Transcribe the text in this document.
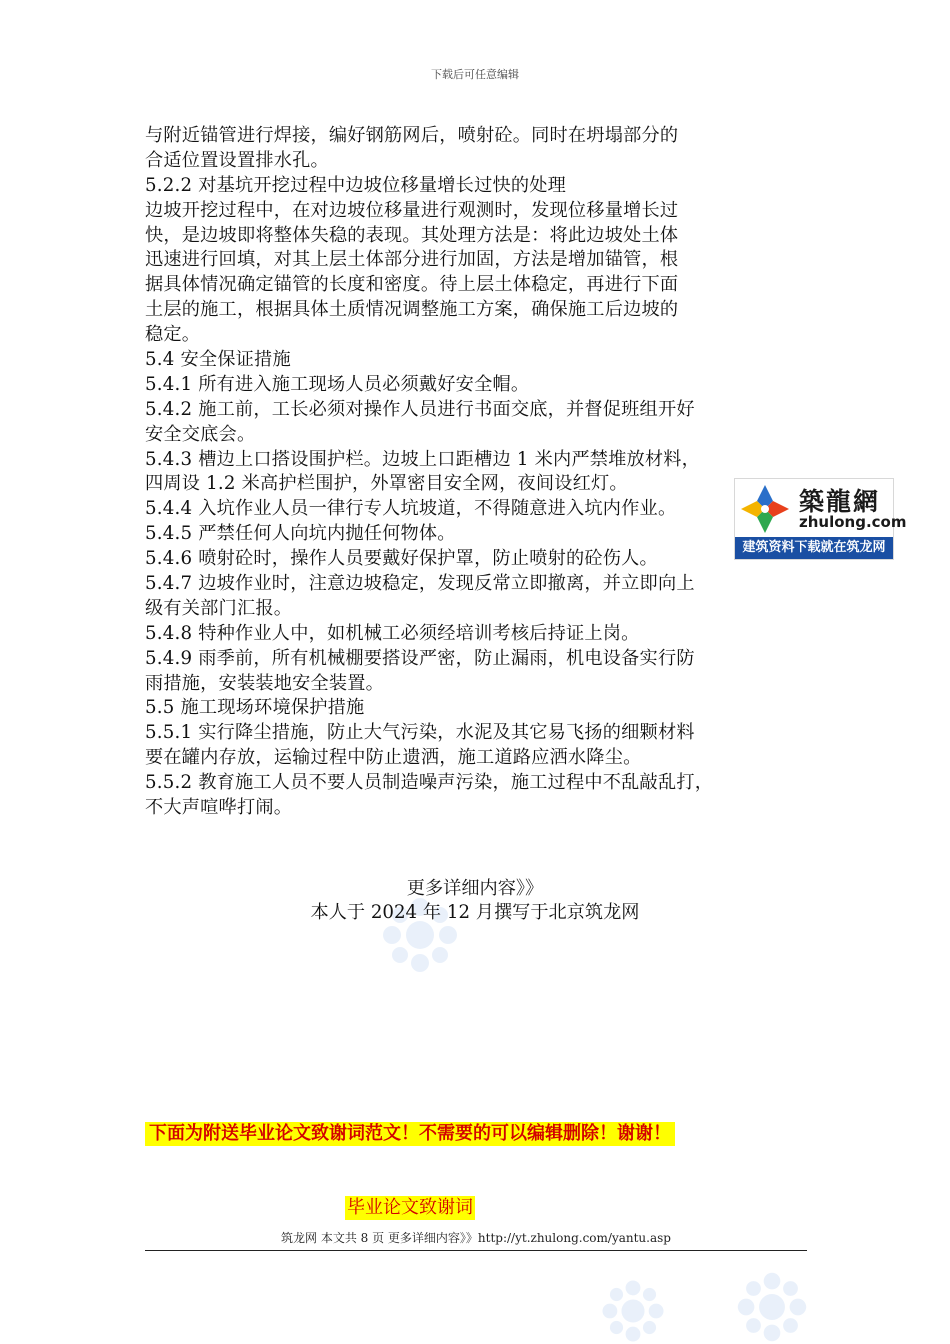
下载后可任意编辑
与附近锚管进行焊接，编好钢筋网后，喷射砼。同时在坍塌部分的
合适位置设置排水孔。
5.2.2 对基坑开挖过程中边坡位移量增长过快的处理
边坡开挖过程中，在对边坡位移量进行观测时，发现位移量增长过
快，是边坡即将整体失稳的表现。其处理方法是：将此边坡处土体
迅速进行回填，对其上层土体部分进行加固，方法是增加锚管，根
据具体情况确定锚管的长度和密度。待上层土体稳定，再进行下面
土层的施工，根据具体土质情况调整施工方案，确保施工后边坡的
稳定。
5.4 安全保证措施
5.4.1 所有进入施工现场人员必须戴好安全帽。
5.4.2 施工前，工长必须对操作人员进行书面交底，并督促班组开好
安全交底会。
5.4.3 槽边上口搭设围护栏。边坡上口距槽边 1 米内严禁堆放材料，
四周设 1.2 米高护栏围护，外罩密目安全网，夜间设红灯。
5.4.4 入坑作业人员一律行专人坑坡道，不得随意进入坑内作业。
5.4.5 严禁任何人向坑内抛任何物体。
5.4.6 喷射砼时，操作人员要戴好保护罩，防止喷射的砼伤人。
5.4.7 边坡作业时，注意边坡稳定，发现反常立即撤离，并立即向上
级有关部门汇报。
5.4.8 特种作业人中，如机械工必须经培训考核后持证上岗。
5.4.9 雨季前，所有机械棚要搭设严密，防止漏雨，机电设备实行防
雨措施，安装装地安全装置。
5.5 施工现场环境保护措施
5.5.1 实行降尘措施，防止大气污染，水泥及其它易飞扬的细颗材料
要在罐内存放，运输过程中防止遗洒，施工道路应洒水降尘。
5.5.2 教育施工人员不要人员制造噪声污染，施工过程中不乱敲乱打，
不大声喧哗打闹。
更多详细内容》》
本人于 2024 年 12 月撰写于北京筑龙网
下面为附送毕业论文致谢词范文！不需要的可以编辑删除！谢谢！
毕业论文致谢词
筑龙网 本文共 8 页 更多详细内容》》http://yt.zhulong.com/yantu.asp
築龍網
zhulong.com
建筑资料下载就在筑龙网
